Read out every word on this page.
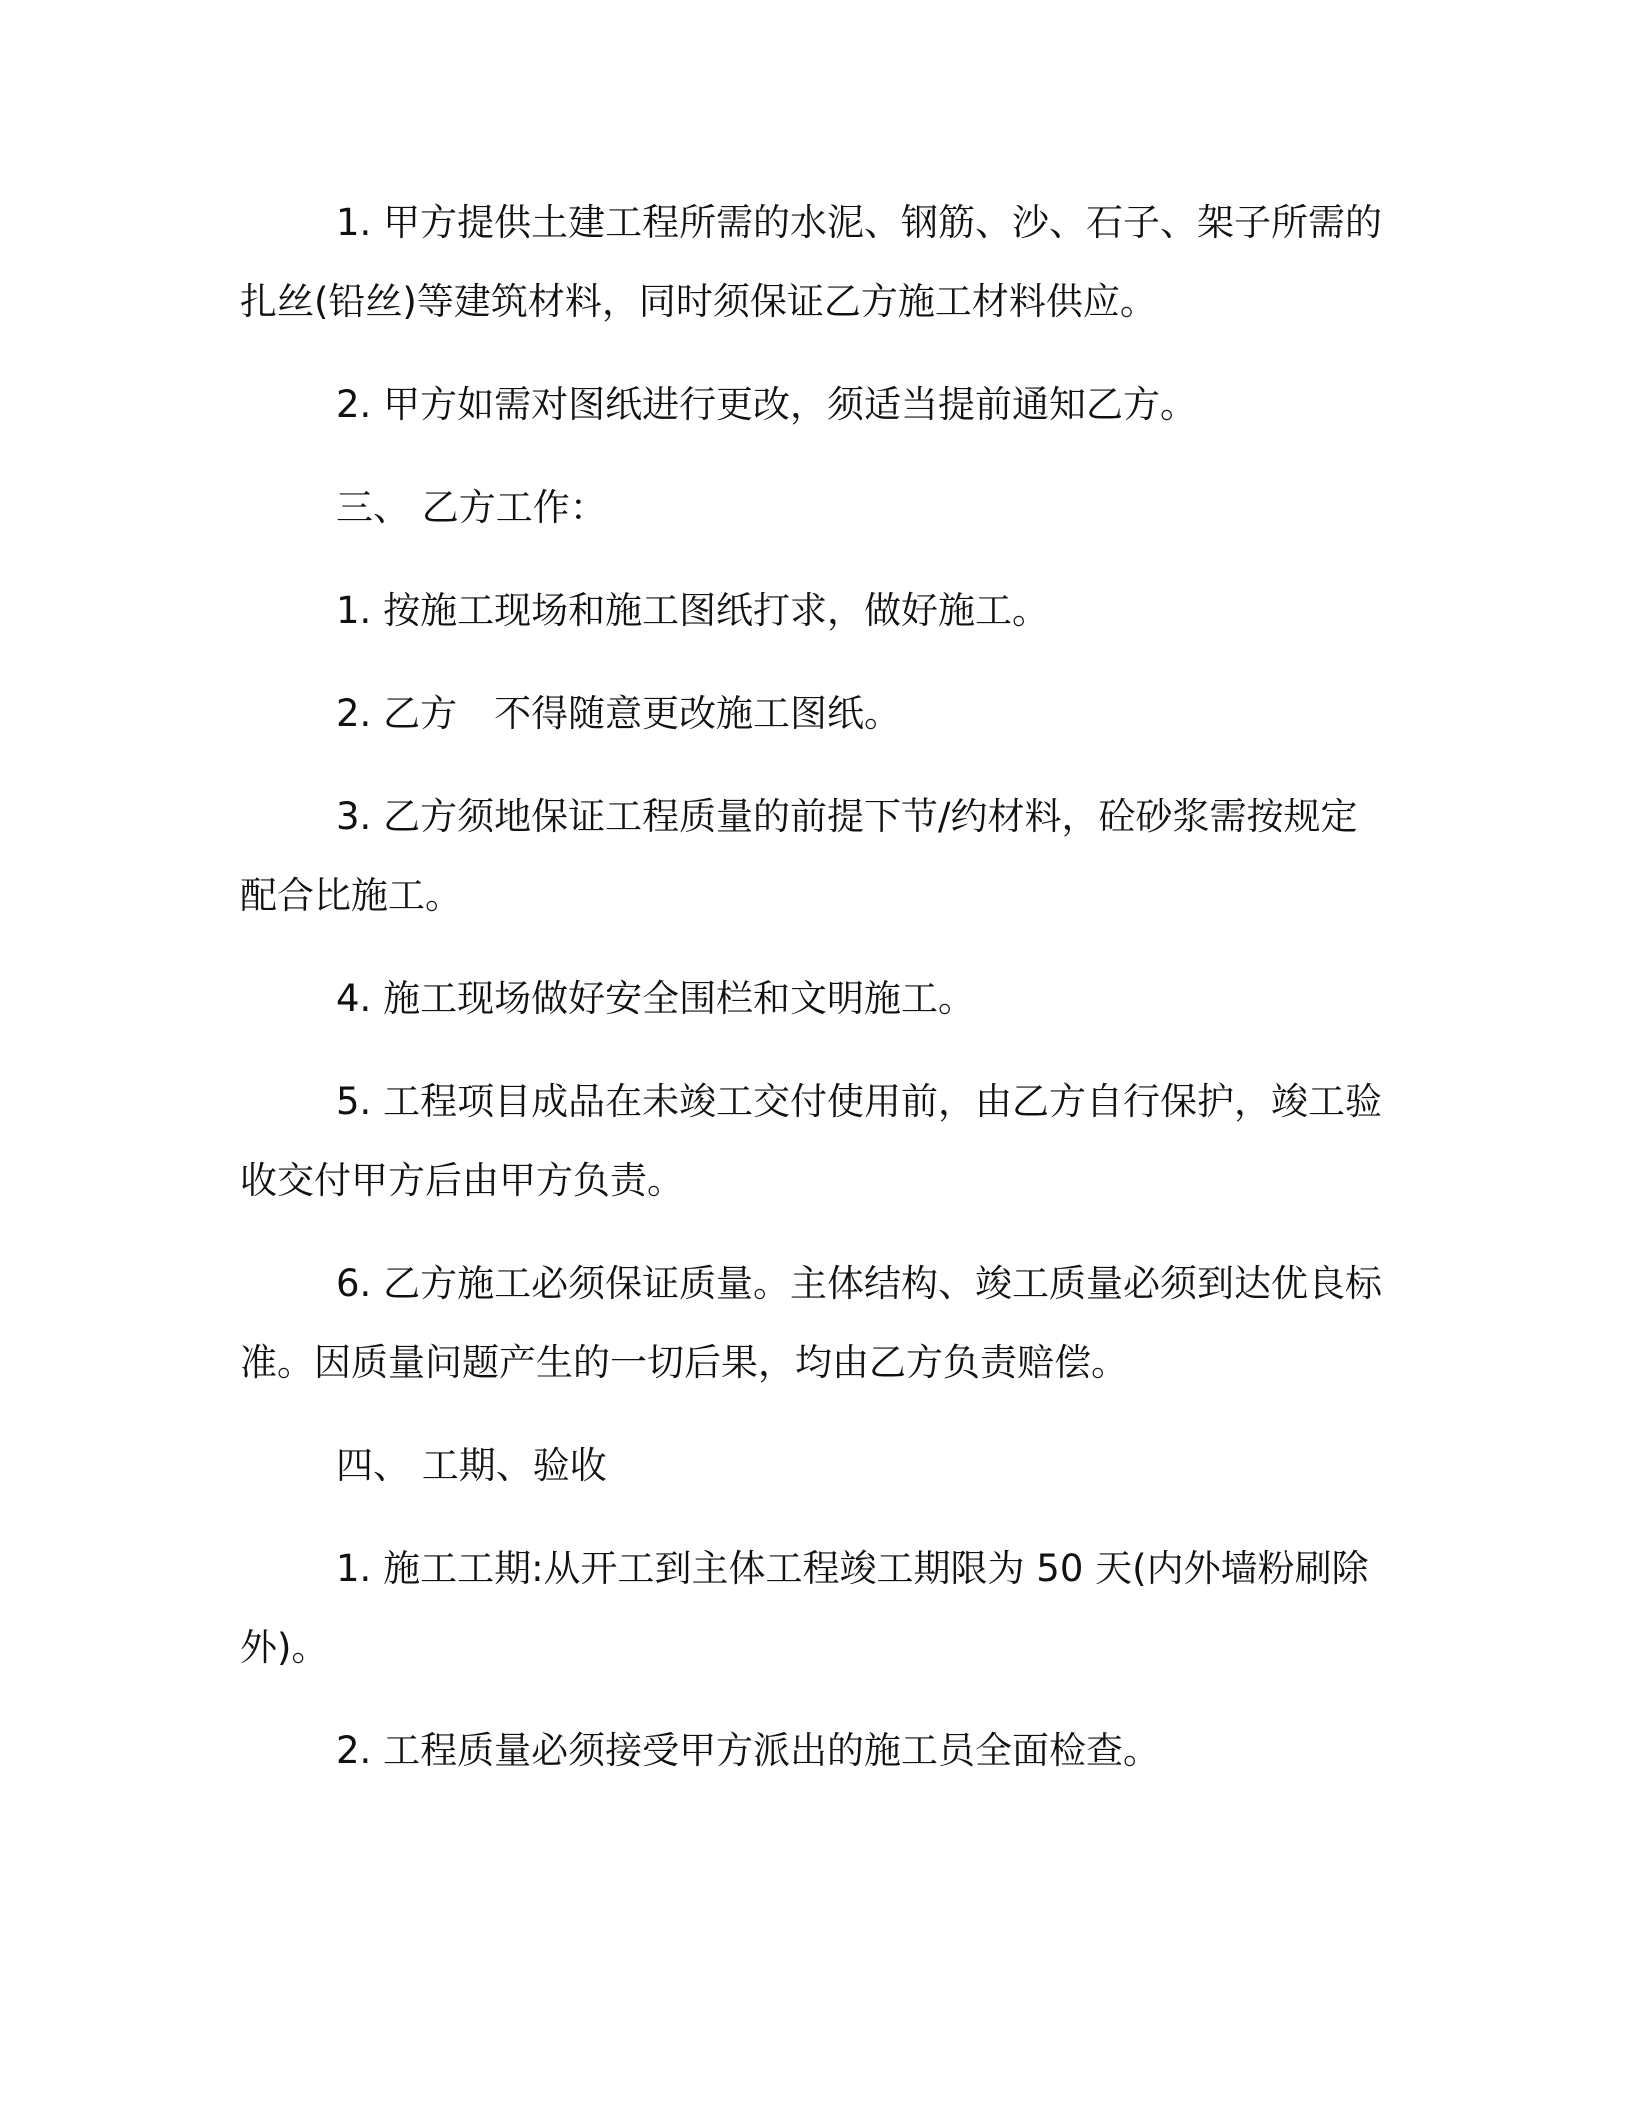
1. 甲方提供土建工程所需的水泥、钢筋、沙、石子、架子所需的扎丝(铅丝)等建筑材料，同时须保证乙方施工材料供应。

2. 甲方如需对图纸进行更改，须适当提前通知乙方。

三、 乙方工作：

1. 按施工现场和施工图纸打求，做好施工。

2. 乙方　不得随意更改施工图纸。

3. 乙方须地保证工程质量的前提下节/约材料，砼砂浆需按规定配合比施工。

4. 施工现场做好安全围栏和文明施工。

5. 工程项目成品在未竣工交付使用前，由乙方自行保护，竣工验收交付甲方后由甲方负责。

6. 乙方施工必须保证质量。主体结构、竣工质量必须到达优良标准。因质量问题产生的一切后果，均由乙方负责赔偿。

四、 工期、验收

1. 施工工期:从开工到主体工程竣工期限为 50 天(内外墙粉刷除外)。

2. 工程质量必须接受甲方派出的施工员全面检查。
